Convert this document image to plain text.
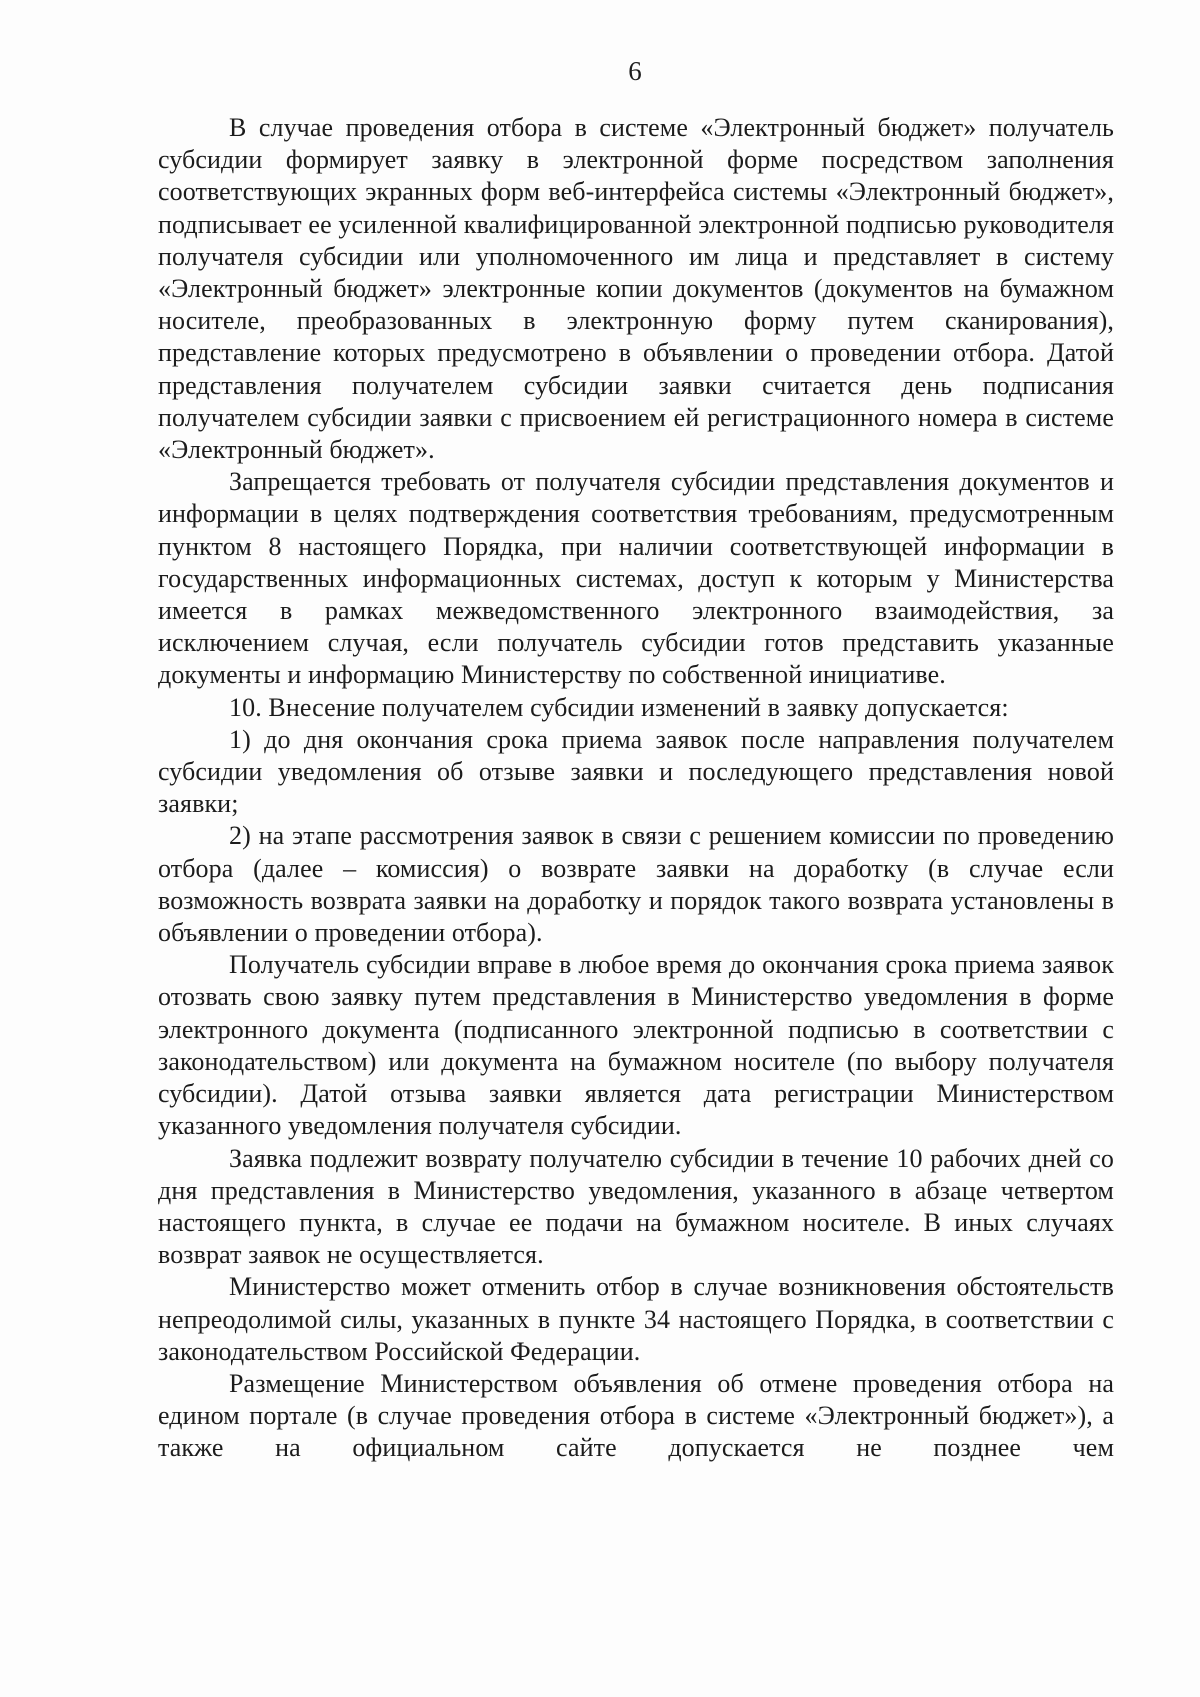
6

В случае проведения отбора в системе «Электронный бюджет» получатель субсидии формирует заявку в электронной форме посредством заполнения соответствующих экранных форм веб-интерфейса системы «Электронный бюджет», подписывает ее усиленной квалифицированной электронной подписью руководителя получателя субсидии или уполномоченного им лица и представляет в систему «Электронный бюджет» электронные копии документов (документов на бумажном носителе, преобразованных в электронную форму путем сканирования), представление которых предусмотрено в объявлении о проведении отбора. Датой представления получателем субсидии заявки считается день подписания получателем субсидии заявки с присвоением ей регистрационного номера в системе «Электронный бюджет».

Запрещается требовать от получателя субсидии представления документов и информации в целях подтверждения соответствия требованиям, предусмотренным пунктом 8 настоящего Порядка, при наличии соответствующей информации в государственных информационных системах, доступ к которым у Министерства имеется в рамках межведомственного электронного взаимодействия, за исключением случая, если получатель субсидии готов представить указанные документы и информацию Министерству по собственной инициативе.

10. Внесение получателем субсидии изменений в заявку допускается:

1) до дня окончания срока приема заявок после направления получателем субсидии уведомления об отзыве заявки и последующего представления новой заявки;

2) на этапе рассмотрения заявок в связи с решением комиссии по проведению отбора (далее – комиссия) о возврате заявки на доработку (в случае если возможность возврата заявки на доработку и порядок такого возврата установлены в объявлении о проведении отбора).

Получатель субсидии вправе в любое время до окончания срока приема заявок отозвать свою заявку путем представления в Министерство уведомления в форме электронного документа (подписанного электронной подписью в соответствии с законодательством) или документа на бумажном носителе (по выбору получателя субсидии). Датой отзыва заявки является дата регистрации Министерством указанного уведомления получателя субсидии.

Заявка подлежит возврату получателю субсидии в течение 10 рабочих дней со дня представления в Министерство уведомления, указанного в абзаце четвертом настоящего пункта, в случае ее подачи на бумажном носителе. В иных случаях возврат заявок не осуществляется.

Министерство может отменить отбор в случае возникновения обстоятельств непреодолимой силы, указанных в пункте 34 настоящего Порядка, в соответствии с законодательством Российской Федерации.

Размещение Министерством объявления об отмене проведения отбора на едином портале (в случае проведения отбора в системе «Электронный бюджет»), а также на официальном сайте допускается не позднее чем
